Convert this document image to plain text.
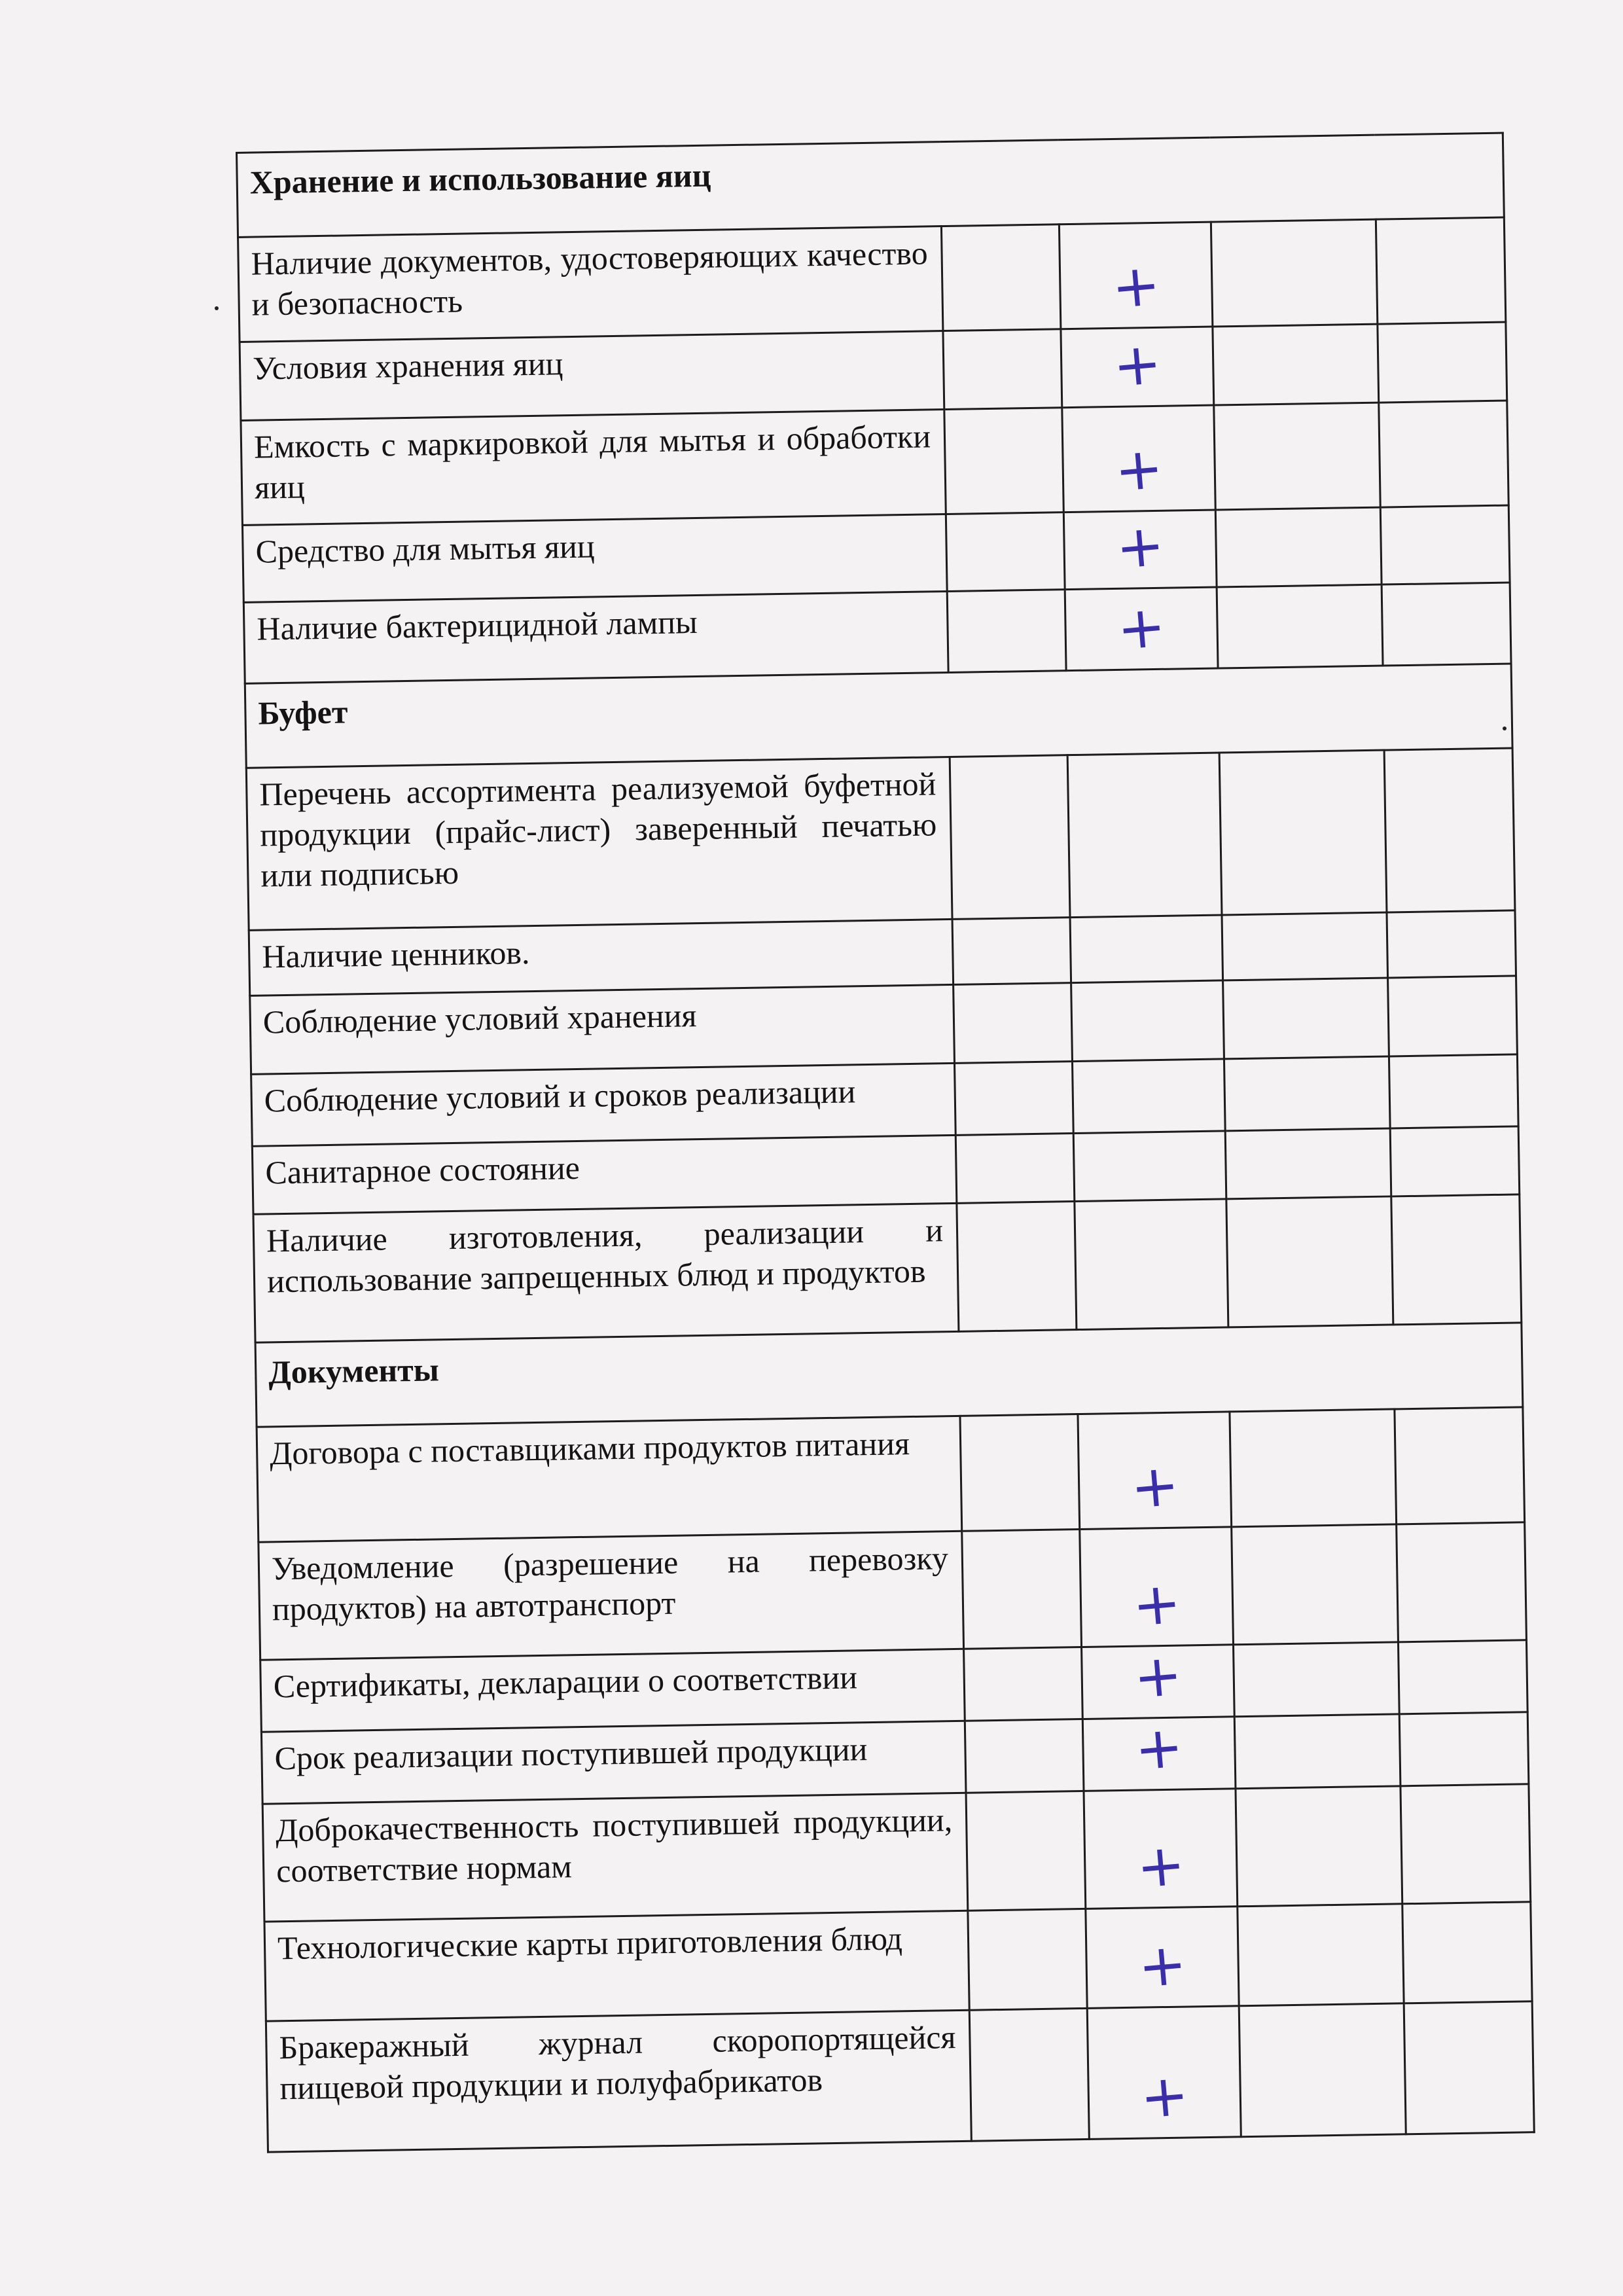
Хранение и использование яиц				
Наличие документов, удостоверяющих качество и безопасность		+		

Условия хранения яиц		+		

Емкость с маркировкой для мытья и обработки яиц		+		

Средство для мытья яиц		+		

Наличие бактерицидной лампы		+		

Буфет				
Перечень ассортимента реализуемой буфетной продукции (прайс-лист) заверенный печатью или подписью		

Наличие ценников.		

Соблюдение условий хранения		

Соблюдение условий и сроков реализации		

Санитарное состояние		

Наличие изготовления, реализации и использование запрещенных блюд и продуктов		

Документы				
Договора с поставщиками продуктов питания		+		

Уведомление (разрешение на перевозку продуктов) на автотранспорт		+		

Сертификаты, декларации о соответствии		+		

Срок реализации поступившей продукции		+		

Доброкачественность поступившей продукции, соответствие нормам		+		

Технологические карты приготовления блюд		+		

Бракеражный журнал скоропортящейся пищевой продукции и полуфабрикатов		+		
